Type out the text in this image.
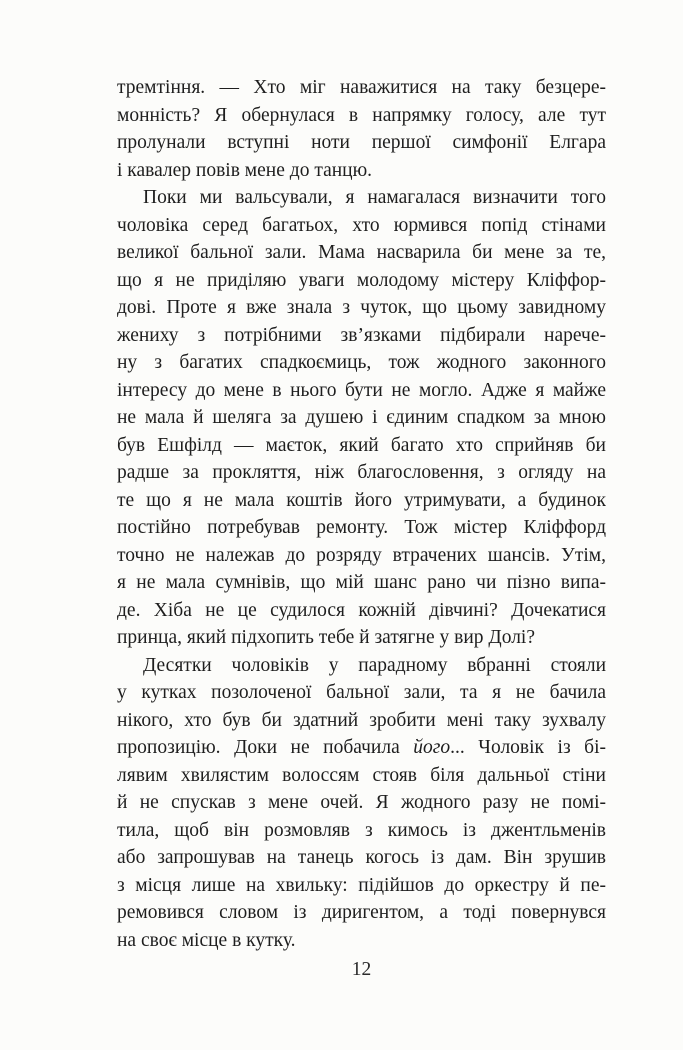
тремтіння. — Хто міг наважитися на таку безцере-
монність? Я обернулася в напрямку голосу, але тут
пролунали вступні ноти першої симфонії Елгара
і кавалер повів мене до танцю.
Поки ми вальсували, я намагалася визначити того
чоловіка серед багатьох, хто юрмився попід стінами
великої бальної зали. Мама насварила би мене за те,
що я не приділяю уваги молодому містеру Кліффор-
дові. Проте я вже знала з чуток, що цьому завидному
жениху з потрібними зв’язками підбирали нарече-
ну з багатих спадкоємиць, тож жодного законного
інтересу до мене в нього бути не могло. Адже я майже
не мала й шеляга за душею і єдиним спадком за мною
був Ешфілд — маєток, який багато хто сприйняв би
радше за прокляття, ніж благословення, з огляду на
те що я не мала коштів його утримувати, а будинок
постійно потребував ремонту. Тож містер Кліффорд
точно не належав до розряду втрачених шансів. Утім,
я не мала сумнівів, що мій шанс рано чи пізно випа-
де. Хіба не це судилося кожній дівчині? Дочекатися
принца, який підхопить тебе й затягне у вир Долі?
Десятки чоловіків у парадному вбранні стояли
у кутках позолоченої бальної зали, та я не бачила
нікого, хто був би здатний зробити мені таку зухвалу
пропозицію. Доки не побачила його... Чоловік із бі-
лявим хвилястим волоссям стояв біля дальньої стіни
й не спускав з мене очей. Я жодного разу не помі-
тила, щоб він розмовляв з кимось із джентльменів
або запрошував на танець когось із дам. Він зрушив
з місця лише на хвильку: підійшов до оркестру й пе-
ремовився словом із диригентом, а тоді повернувся
на своє місце в кутку.
12
